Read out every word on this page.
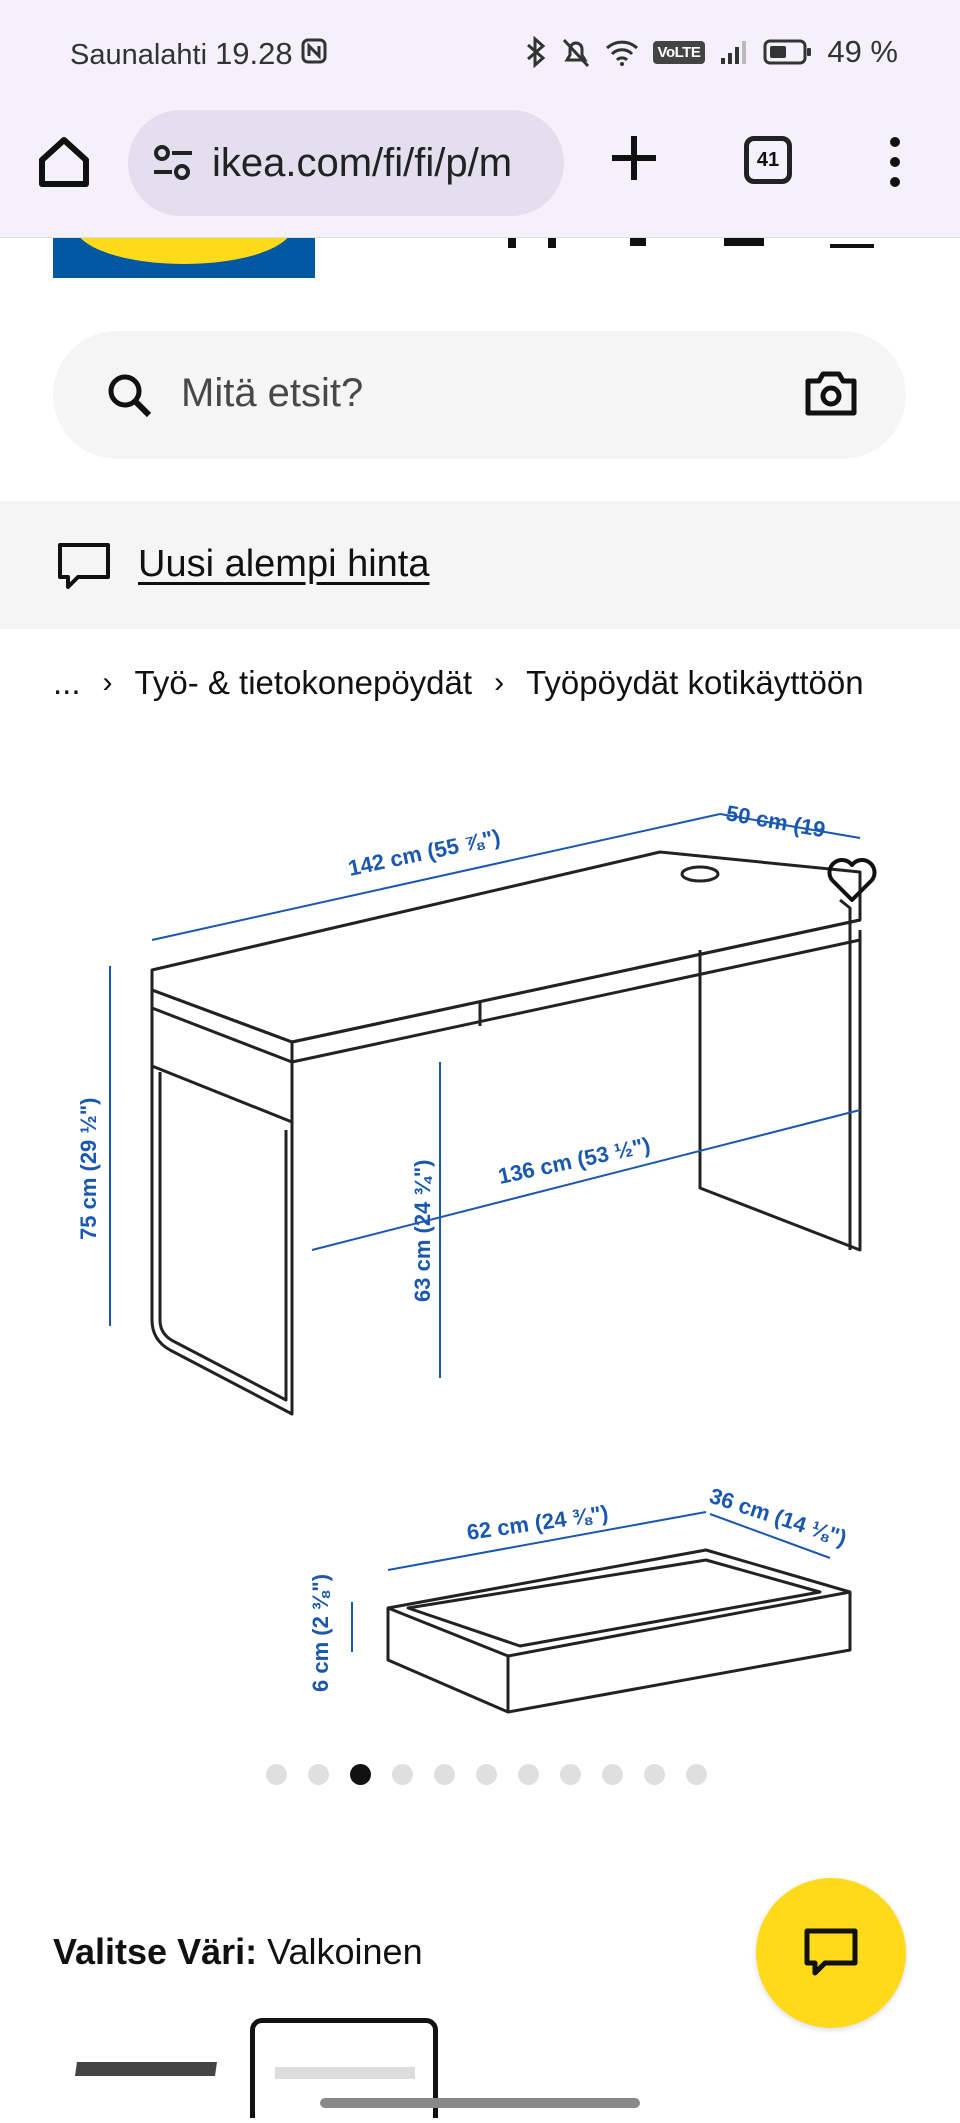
Saunalahti 19.28	VoLTE	49 %
ikea.com/fi/fi/p/m	41
Mitä etsit?
Uusi alempi hinta
... › Työ- & tietokonepöydät › Työpöydät kotikäyttöön
142 cm (55 ⅞")
50 cm (19
75 cm (29 ½")	63 cm (24 ¾")	136 cm (53 ½")
62 cm (24 ⅜")	36 cm (14 ⅛")
6 cm (2 ⅜")
Valitse Väri: Valkoinen
